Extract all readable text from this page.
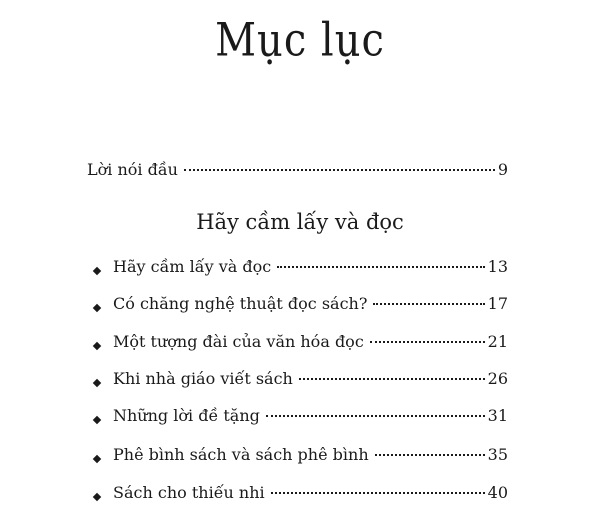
Mục lục
Lời nói đầu	9
Hãy cầm lấy và đọc
Hãy cầm lấy và đọc	13
Có chăng nghệ thuật đọc sách?	17
Một tượng đài của văn hóa đọc	21
Khi nhà giáo viết sách	26
Những lời đề tặng	31
Phê bình sách và sách phê bình	35
Sách cho thiếu nhi	40
